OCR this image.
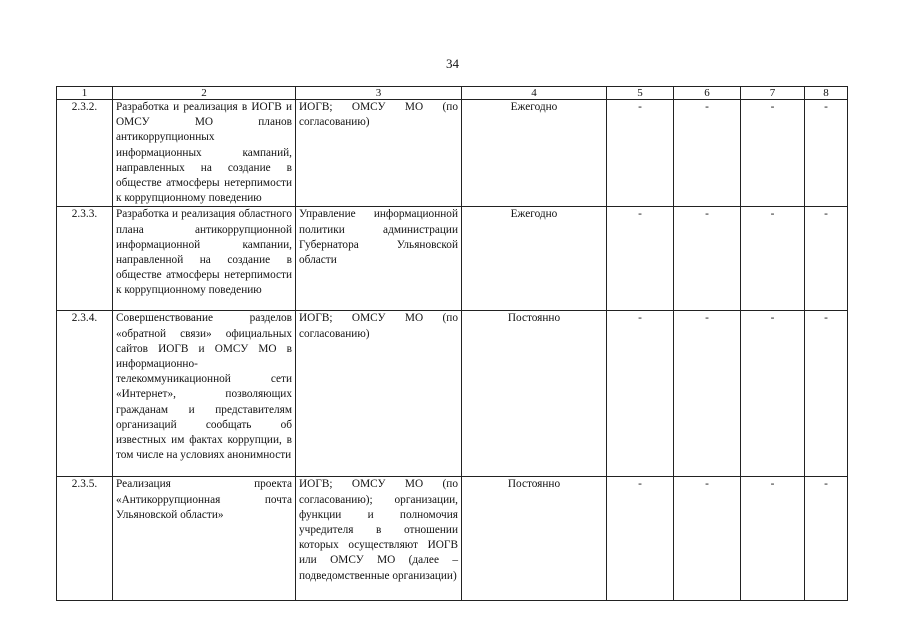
34
1	2	3	4	5	6	7	8
2.3.2.	Разработка и реализация в ИОГВ и ОМСУ МО планов антикоррупционных информационных кампаний, направленных на создание в обществе атмосферы нетерпимости к коррупционному поведению	ИОГВ; ОМСУ МО (по согласованию)	Ежегодно	-	-	-	-
2.3.3.	Разработка и реализация областного плана антикоррупционной информационной кампании, направленной на создание в обществе атмосферы нетерпимости к коррупционному поведению	Управление информационной политики администрации Губернатора Ульяновской области	Ежегодно	-	-	-	-
2.3.4.	Совершенствование разделов «обратной связи» официальных сайтов ИОГВ и ОМСУ МО в информационно-телекоммуникационной сети «Интернет», позволяющих гражданам и представителям организаций сообщать об известных им фактах коррупции, в том числе на условиях анонимности	ИОГВ; ОМСУ МО (по согласованию)	Постоянно	-	-	-	-
2.3.5.	Реализация проекта «Антикоррупционная почта Ульяновской области»	ИОГВ; ОМСУ МО (по согласованию); организации, функции и полномочия учредителя в отношении которых осуществляют ИОГВ или ОМСУ МО (далее – подведомственные организации)	Постоянно	-	-	-	-
